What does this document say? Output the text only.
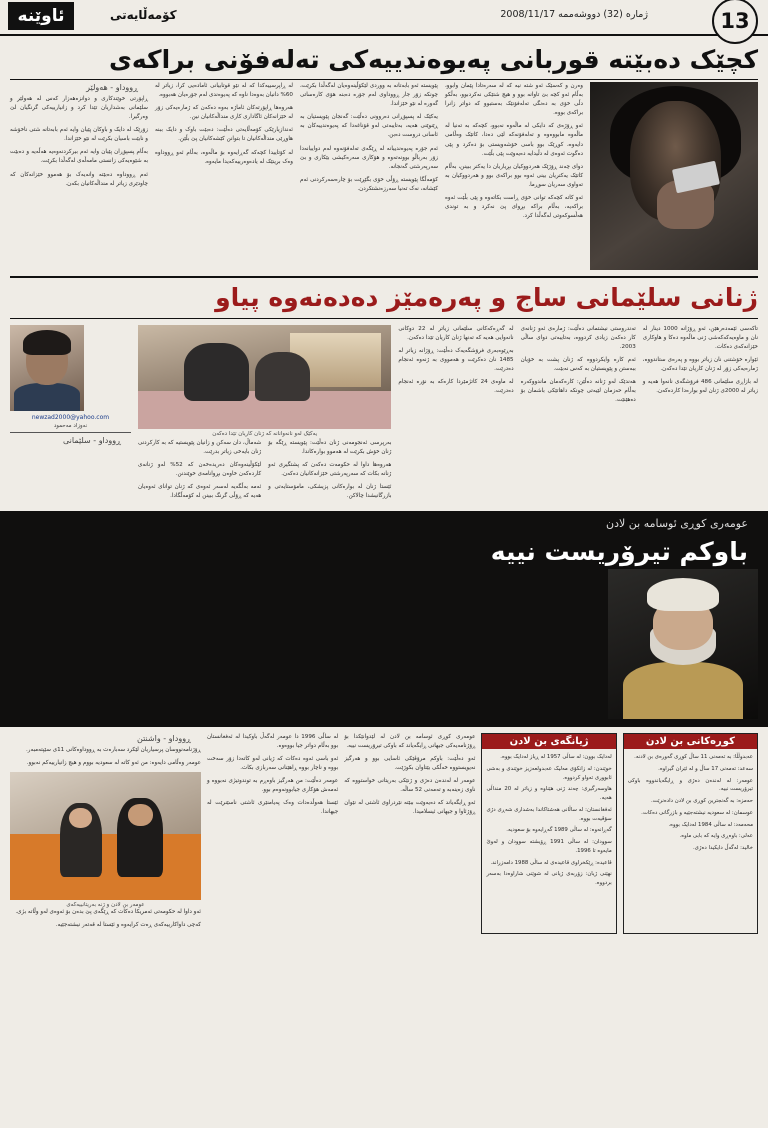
ئاوێنە	کۆمەڵایەتی	ژمارە (32) دووشەممە 2008/11/17	13
کچێک دەبێتە قوربانی پەیوەندییەکی تەلەفۆنی براکەی

وەرن و کەسێک ئەو شتە نیە کە لە سەرەتادا پێمان وابوو، بەڵام ئەو کچە بێ تاوانە بوو و هیچ شتێکی نەکردبوو، بەڵکو دڵی خۆی بە دەنگی تەلەفۆنێک بەستبوو کە دواتر زانرا براکەی بووە.

ئەو ڕۆژەی کە دایکی لە ماڵەوە نەبوو، کچەکە بە تەنیا لە ماڵەوە مابووەوە و تەلەفۆنەکە لێی دەدا، کاتێک وەڵامی دایەوە، کوڕێک بوو باسی خۆشەویستی بۆ دەکرد و پێی دەگوت ئەوەی لە دڵیدایە دەیەوێت پێی بڵێت.

دوای چەند ڕۆژێک هەردووکیان بڕیاریان دا یەکتر ببینن، بەڵام کاتێک یەکتریان بینی ئەوە بوو براکەی بوو و هەردووکیان بە تەواوی سەریان سوڕما.

ئەو کاتە کچەکە توانی خۆی ڕاست بکاتەوە و پێی بڵێت ئەوە براکەیە، بەڵام براکە بڕوای پێ نەکرد و بە توندی هەڵسوکەوتی لەگەڵدا کرد.

پێویستە ئەو بابەتانە بە ووردی لێکۆڵینەوەیان لەگەڵدا بکرێت، چونکە زۆر جار ڕووداوی لەم جۆرە دەبنە هۆی کارەساتی گەورە لە نێو خێزاندا.

یەکێک لە پسپۆڕانی دەروونی دەڵێت: گەنجان پێویستیان بە ڕێنوێنی هەیە، بەتایبەتی لەو قۆناغەدا کە پەیوەندییەکان بە ئاسانی دروست دەبن.

ئەم جۆرە پەیوەندییانە لە ڕێگەی تەلەفۆنەوە لەم دواییانەدا زۆر بەرباڵو بوونەتەوە و هۆکاری سەرەکیشی بێکاری و بێ سەرپەرشتی گەنجانە.

کۆمەڵگا پێویستە ڕۆڵی خۆی بگێڕێت بۆ چارەسەرکردنی ئەم کێشانە، نەک تەنیا سەرزەنشتکردن.

لە ڕاپرسییەکدا کە لە نێو قوتابیانی ئامادەیی کرا، زیاتر لە 60% دانیان بەوەدا ناوە کە پەیوەندی لەم جۆرەیان هەبووە.

هەروەها ڕاپۆرتەکان ئاماژە بەوە دەکەن کە ژمارەیەکی زۆر لە خێزانەکان ئاگاداری کاری منداڵەکانیان نین.

ئەندازیارێکی کۆمەڵایەتی دەڵێت: دەبێت باوک و دایک ببنە هاوڕێی منداڵەکانیان تا بتوانن کێشەکانیان پێ بڵێن.

لە کۆتاییدا کچەکە گەڕایەوە بۆ ماڵەوە، بەڵام ئەو ڕووداوە وەک برینێک لە یادەوەرییەکەیدا مایەوە.

ڕووداو - هەولێر

ڕاپۆرتی خوێندکاری و دوانزەهەزار کەس لە هەولێر و سلێمانی بەشداریان تێدا کرد و زانیارییەکی گرنگیان لێ وەرگیرا.

زۆرێک لە دایک و باوکان پێیان وایە ئەم بابەتانە شتی ناخۆشە و نابێت باسیان بکرێت لە نێو خێزاندا.

بەڵام پسپۆڕان پێیان وایە ئەم بیرکردنەوەیە هەڵەیە و دەبێت بە شێوەیەکی زانستی مامەڵەی لەگەڵدا بکرێت.

ئەم ڕووداوە دەبێتە وانەیەک بۆ هەموو خێزانەکان کە چاودێری زیاتر لە منداڵەکانیان بکەن.

ژنانی سلێمانی ساج و پەرەمێز دەدەنەوە پیاو

تاکەسی ئێمەدەرهێن، ئەو ڕۆژانە 1000 دینار لە نان و ماوەیەکەکەشی ژنی ماڵەوە دەکا و هاوکاری خێزانەکەی دەکات.

ئێوارە خۆشتنی نان زیاتر بووە و پەرەی ستاندووە، ژمارەیەکی زۆر لە ژنان کاریان تێدا دەکەن.

لە بازاڕی سلێمانی 486 فرۆشگەی نانەوا هەیە و زیاتر لە 2000ی ژنان لەو بوارەدا کاردەکەن.

تەندروستی نیشتمانی دەڵێت: ژمارەی ئەو ژنانەی کار دەکەن زیادی کردووە، بەتایبەتی دوای ساڵی 2003.

ئەم کارە وایکردووە کە ژنان پشت بە خۆیان ببەستن و پێویستیان بە کەس نەبێت.

هەندێک لەو ژنانە دەڵێن: کارەکەمان ماندووکەرە بەڵام حەزمان لێیەتی چونکە داهاتێکی باشمان بۆ دەهێنێت.

لە گەڕەکەکانی سلێمانی زیاتر لە 22 دوکانی نانەوایی هەیە کە تەنها ژنان کاریان تێدا دەکەن.

بەڕێوەبەری فرۆشگەیەک دەڵێت: ڕۆژانە زیاتر لە 1485 نان دەکرێت و هەمووی بە ژنەوە ئەنجام دەدرێت.

لە ماوەی 24 کاتژمێردا کارەکە بە نۆرە ئەنجام دەدرێت.

یەکێک لەو نانەوانانە کە ژنان کاریان تێدا دەکەن

بەرپرسی ئەنجومەنی ژنان دەڵێت: پێویستە ڕێگە بۆ ژنان خۆش بکرێت لە هەموو بوارەکاندا.

هەروەها داوا لە حکومەت دەکەن کە پشتگیری ئەو ژنانە بکات کە سەرپەرشتی خێزانەکانیان دەکەن.

ئێستا ژنان لە بوارەکانی پزیشکی، مامۆستایەتی و بازرگانیشدا چالاکن.

شەماڵ، دان سەکن و زانیان پێویستیە کە بە کارکردنی ژنان بایەخی زیاتر بدرێت.

لێکۆڵینەوەکان دەریدەخەن کە 52% لەو ژنانەی کاردەکەن خاوەن بڕوانامەی خوێندنن.

ئەمە بەڵگەیە لەسەر ئەوەی کە ژنان توانای ئەوەیان هەیە کە ڕۆڵی گرنگ ببینن لە کۆمەڵگادا.

newzad2000@yahoo.com
نەوزاد مەحمود
ڕووداو - سلێمانی
عومەری کوڕی ئوسامە بن لادن
باوکم تیرۆریست نییە
کوڕەکانی بن لادن

عەبدوڵڵا: بە تەمەنی 11 ساڵ کوڕی گەورەی بن لادنە.

سەعد: تەمەنی 17 ساڵ و لە ئێران گیراوە.

عومەر: لە لەندەن دەژی و ڕایگەیاندووە باوکی تیرۆریست نییە.

حەمزە: بە گەنجترین کوڕی بن لادن دادەنرێت.

عوسمان: لە سعودیە نیشتەجێیە و بازرگانی دەکات.

محەمەد: لە ساڵی 1984 لەدایک بووە.

عەلی: باوەڕی وایە کە بابی ماوە.

خالید: لەگەڵ دایکیدا دەژی.

ژیانگەی بن لادن

لەدایک بوون: لە ساڵی 1957 لە ڕیاز لەدایک بووە.

خوێندن: لە زانکۆی مەلیک عەبدولعەزیز خوێندی و بەشی ئابووری تەواو کردووە.

هاوسەرگیری: چەند ژنی هێناوە و زیاتر لە 20 منداڵی هەیە.

ئەفغانستان: لە ساڵانی هەشتاکاندا بەشداری شەڕی دژی سۆڤیەت بووە.

گەڕانەوە: لە ساڵی 1989 گەڕایەوە بۆ سعودیە.

سوودان: لە ساڵی 1991 ڕۆیشتە سوودان و لەوێ مایەوە تا 1996.

قاعیدە: ڕێکخراوی قاعیدەی لە ساڵی 1988 دامەزراند.

نهێنی ژیان: زۆربەی ژیانی لە شوێنی شاراوەدا بەسەر بردووە.

عومەری کوڕی ئوسامە بن لادن لە لێدوانێکدا بۆ ڕۆژنامەیەکی جیهانی ڕایگەیاند کە باوکی تیرۆریست نییە.

ئەو دەڵێت: باوکم مرۆڤێکی ئاسایی بوو و هەرگیز نەیویستووە خەڵکی بێتاوان بکوژێت.

عومەر لە لەندەن دەژی و ژنێکی بەریتانی خواستووە کە ناوی زەینەبە و تەمەنی 52 ساڵە.

ئەو ڕایگەیاند کە دەیەوێت ببێتە نێردراوی ئاشتی لە نێوان ڕۆژئاوا و جیهانی ئیسلامیدا.

لە ساڵی 1996 دا عومەر لەگەڵ باوکیدا لە ئەفغانستان بوو بەڵام دواتر جیا بووەوە.

ئەو باسی ئەوە دەکات کە ژیانی لەو کاتەدا زۆر سەخت بووە و ناچار بووە ڕاهێنانی سەربازی بکات.

عومەر دەڵێت: من هەرگیز باوەڕم بە توندوتیژی نەبووە و ئەمەش هۆکاری جیابوونەوەم بوو.

ئێستا هەوڵدەدات وەک پەیامنێری ئاشتی ناسێنرێت لە جیهاندا.

ڕووداو - واشنتن

ڕۆژنامەنووسان پرسیاریان لێکرد سەبارەت بە ڕووداوەکانی 11ی سێپتەمبەر.

عومەر وەڵامی دایەوە: من ئەو کاتە لە سعودیە بووم و هیچ زانیارییەکم نەبوو.

عومەر بن لادن و ژنە بەریتانییەکەی

ئەو داوا لە حکومەتی ئەمریکا دەکات کە ڕێگەی پێ بدەن بۆ ئەوەی لەو وڵاتە بژی.

کەچی داواکارییەکەی ڕەت کرایەوە و ئێستا لە قەتەر نیشتەجێیە.
